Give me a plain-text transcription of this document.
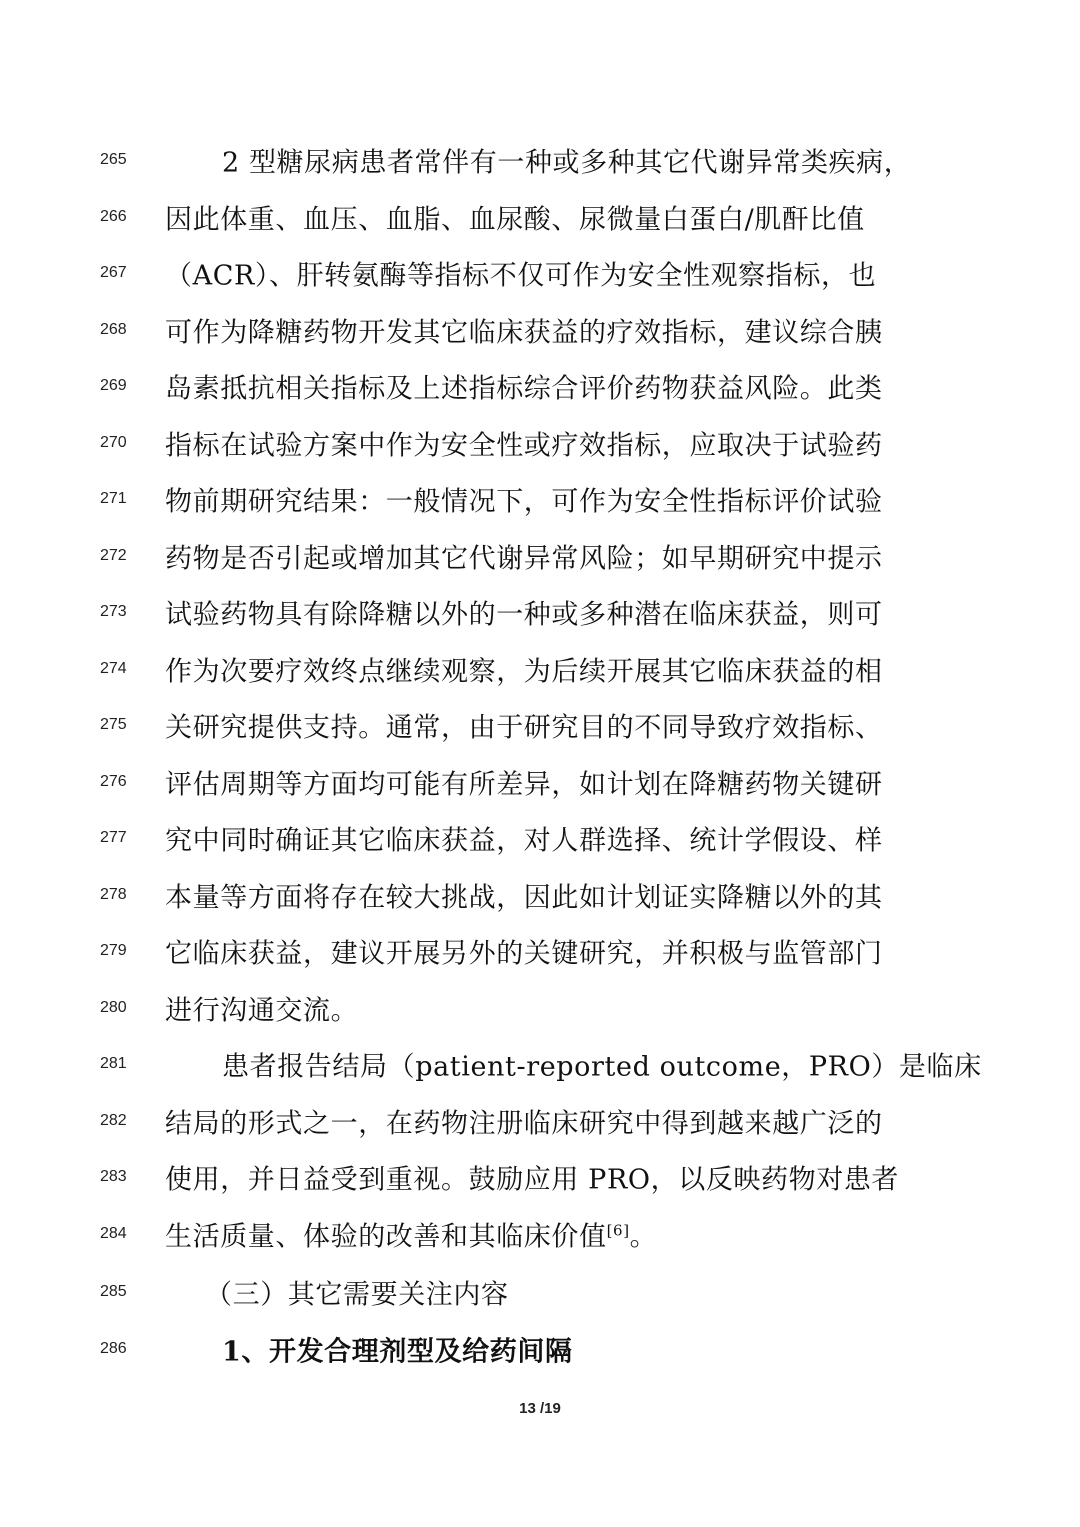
265	2 型糖尿病患者常伴有一种或多种其它代谢异常类疾病，
266	因此体重、血压、血脂、血尿酸、尿微量白蛋白/肌酐比值
267	（ACR）、肝转氨酶等指标不仅可作为安全性观察指标，也
268	可作为降糖药物开发其它临床获益的疗效指标，建议综合胰
269	岛素抵抗相关指标及上述指标综合评价药物获益风险。此类
270	指标在试验方案中作为安全性或疗效指标，应取决于试验药
271	物前期研究结果：一般情况下，可作为安全性指标评价试验
272	药物是否引起或增加其它代谢异常风险；如早期研究中提示
273	试验药物具有除降糖以外的一种或多种潜在临床获益，则可
274	作为次要疗效终点继续观察，为后续开展其它临床获益的相
275	关研究提供支持。通常，由于研究目的不同导致疗效指标、
276	评估周期等方面均可能有所差异，如计划在降糖药物关键研
277	究中同时确证其它临床获益，对人群选择、统计学假设、样
278	本量等方面将存在较大挑战，因此如计划证实降糖以外的其
279	它临床获益，建议开展另外的关键研究，并积极与监管部门
280	进行沟通交流。
281	患者报告结局（patient-reported outcome，PRO）是临床
282	结局的形式之一，在药物注册临床研究中得到越来越广泛的
283	使用，并日益受到重视。鼓励应用 PRO，以反映药物对患者
284	生活质量、体验的改善和其临床价值[6]。
285	（三）其它需要关注内容
286	1、开发合理剂型及给药间隔
13 /19
